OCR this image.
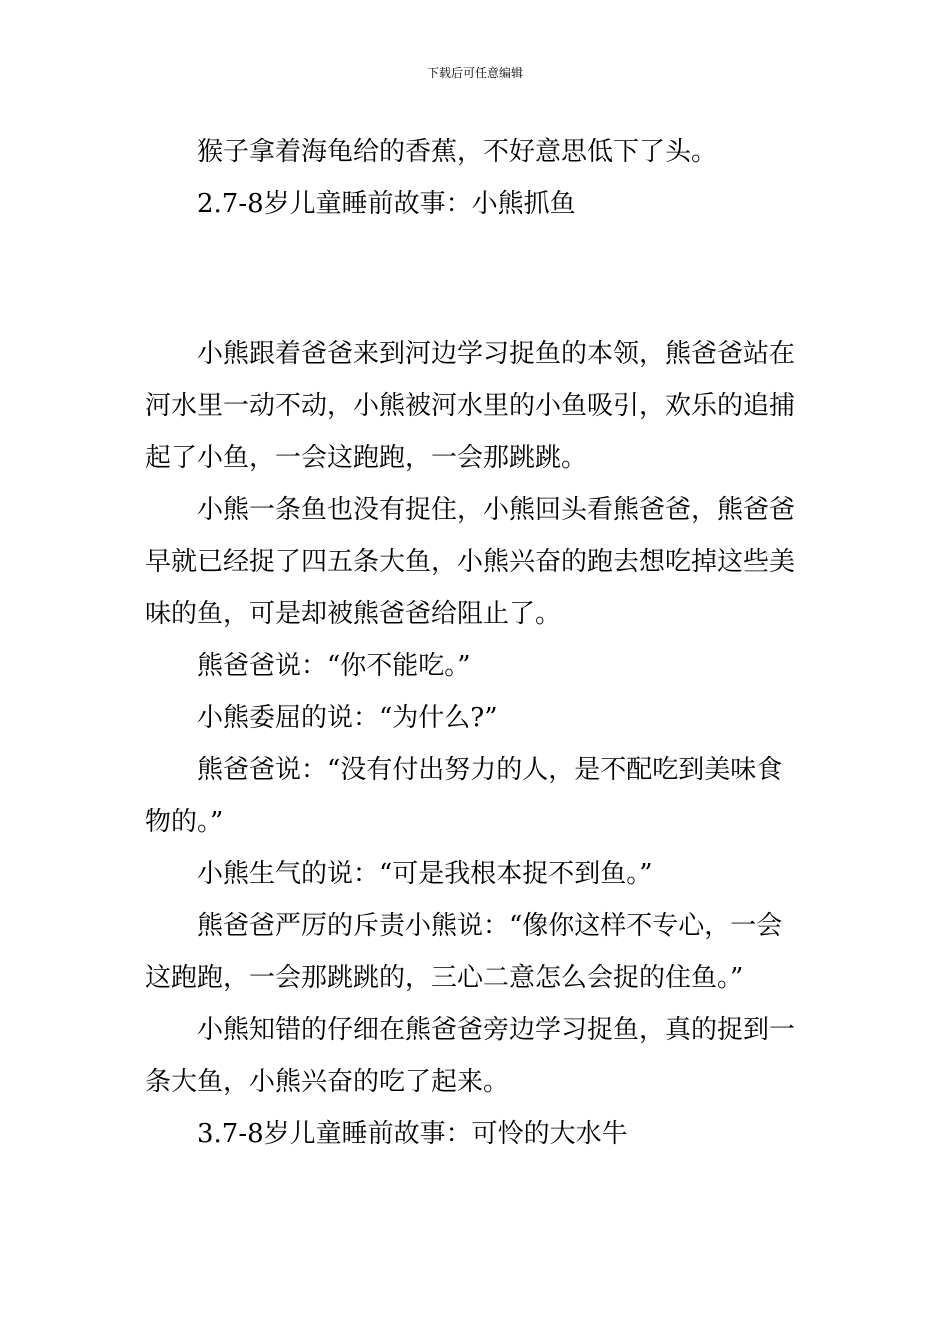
下载后可任意编辑
猴子拿着海龟给的香蕉，不好意思低下了头。
2.7-8岁儿童睡前故事：小熊抓鱼
小熊跟着爸爸来到河边学习捉鱼的本领，熊爸爸站在
河水里一动不动，小熊被河水里的小鱼吸引，欢乐的追捕
起了小鱼，一会这跑跑，一会那跳跳。
小熊一条鱼也没有捉住，小熊回头看熊爸爸，熊爸爸
早就已经捉了四五条大鱼，小熊兴奋的跑去想吃掉这些美
味的鱼，可是却被熊爸爸给阻止了。
熊爸爸说：“你不能吃。”
小熊委屈的说：“为什么?”
熊爸爸说：“没有付出努力的人，是不配吃到美味食
物的。”
小熊生气的说：“可是我根本捉不到鱼。”
熊爸爸严厉的斥责小熊说：“像你这样不专心，一会
这跑跑，一会那跳跳的，三心二意怎么会捉的住鱼。”
小熊知错的仔细在熊爸爸旁边学习捉鱼，真的捉到一
条大鱼，小熊兴奋的吃了起来。
3.7-8岁儿童睡前故事：可怜的大水牛
